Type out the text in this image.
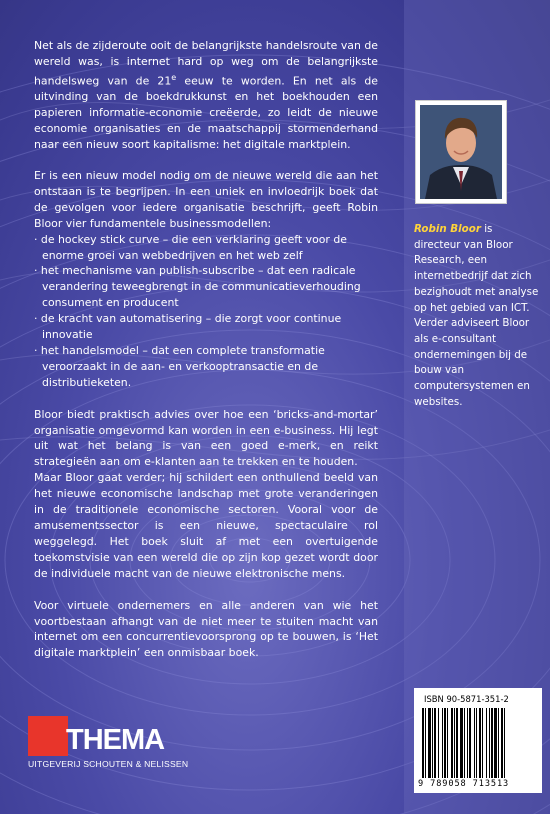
Net als de zijderoute ooit de belangrijkste handelsroute van de wereld was, is internet hard op weg om de belangrijkste handelsweg van de 21e eeuw te worden. En net als de uitvinding van de boekdrukkunst en het boekhouden een papieren informatie-economie creëerde, zo leidt de nieuwe economie organisaties en de maatschappij stormenderhand naar een nieuw soort kapitalisme: het digitale marktplein.

Er is een nieuw model nodig om de nieuwe wereld die aan het ontstaan is te begrijpen. In een uniek en invloedrijk boek dat de gevolgen voor iedere organisatie beschrijft, geeft Robin Bloor vier fundamentele businessmodellen:

· de hockey stick curve – die een verklaring geeft voor de enorme groei van webbedrijven en het web zelf
· het mechanisme van publish-subscribe – dat een radicale verandering teweegbrengt in de communicatieverhouding consument en producent
· de kracht van automatisering – die zorgt voor continue innovatie
· het handelsmodel – dat een complete transformatie veroorzaakt in de aan- en verkooptransactie en de distributieketen.

Bloor biedt praktisch advies over hoe een ‘bricks-and-mortar’ organisatie omgevormd kan worden in een e-business. Hij legt uit wat het belang is van een goed e-merk, en reikt strategieën aan om e-klanten aan te trekken en te houden.

Maar Bloor gaat verder; hij schildert een onthullend beeld van het nieuwe economische landschap met grote veranderingen in de traditionele economische sectoren. Vooral voor de amusementssector is een nieuwe, spectaculaire rol weggelegd. Het boek sluit af met een overtuigende toekomstvisie van een wereld die op zijn kop gezet wordt door de individuele macht van de nieuwe elektronische mens.

Voor virtuele ondernemers en alle anderen van wie het voortbestaan afhangt van de niet meer te stuiten macht van internet om een concurrentievoorsprong op te bouwen, is ‘Het digitale marktplein’ een onmisbaar boek.

Robin Bloor is directeur van Bloor Research, een internetbedrijf dat zich bezighoudt met analyse op het gebied van ICT. Verder adviseert Bloor als e-consultant ondernemingen bij de bouw van computersystemen en websites.
ISBN 90-5871-351-2
9 789058 713513
THEMA
UITGEVERIJ SCHOUTEN & NELISSEN
